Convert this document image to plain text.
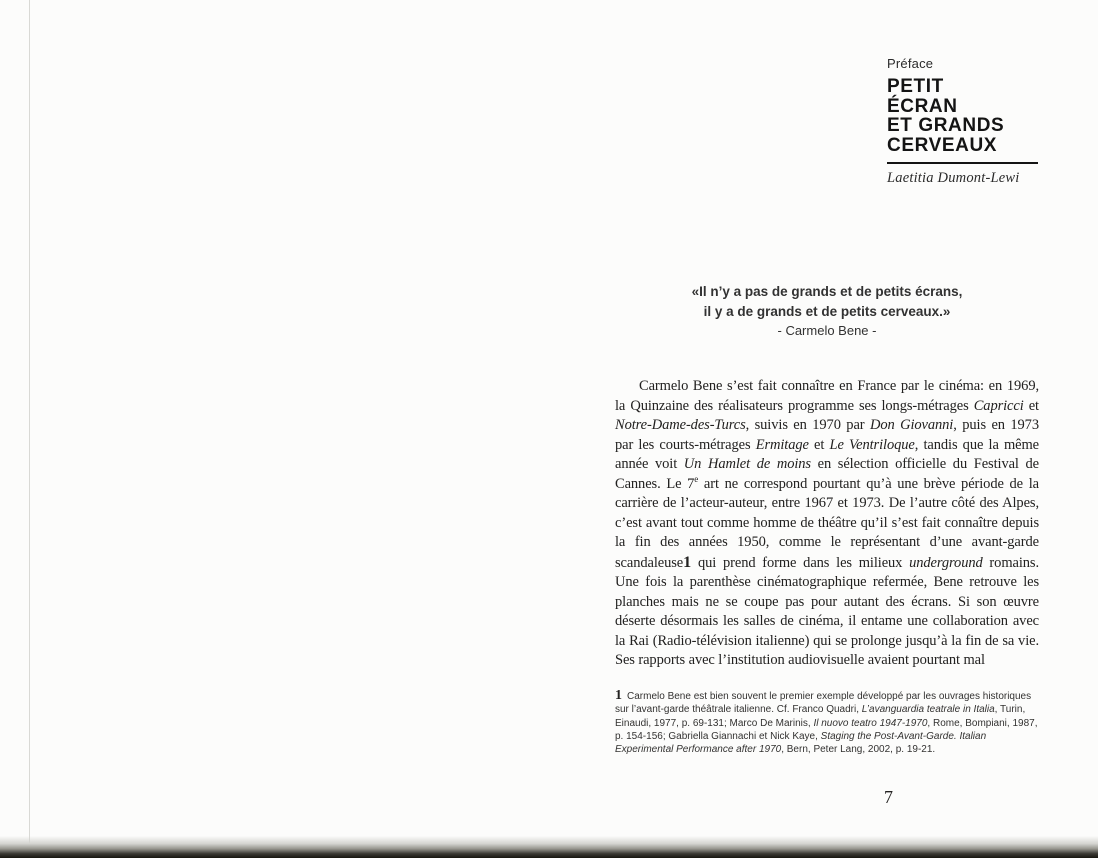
Préface
PETIT
ÉCRAN
ET GRANDS
CERVEAUX
Laetitia Dumont-Lewi

«Il n’y a pas de grands et de petits écrans,

il y a de grands et de petits cerveaux.»

- Carmelo Bene -

Carmelo Bene s’est fait connaître en France par le cinéma: en 1969, la Quinzaine des réalisateurs programme ses longs-métrages Capricci et Notre-Dame-des-Turcs, suivis en 1970 par Don Giovanni, puis en 1973 par les courts-métrages Ermitage et Le Ventriloque, tandis que la même année voit Un Hamlet de moins en sélection officielle du Festival de Cannes. Le 7e art ne correspond pourtant qu’à une brève période de la carrière de l’acteur-auteur, entre 1967 et 1973. De l’autre côté des Alpes, c’est avant tout comme homme de théâtre qu’il s’est fait connaître depuis la fin des années 1950, comme le représentant d’une avant-garde scandaleuse1 qui prend forme dans les milieux underground romains. Une fois la parenthèse cinématographique refermée, Bene retrouve les planches mais ne se coupe pas pour autant des écrans. Si son œuvre déserte désormais les salles de cinéma, il entame une collaboration avec la Rai (Radio-télévision italienne) qui se prolonge jusqu’à la fin de sa vie. Ses rapports avec l’institution audiovisuelle avaient pourtant mal
1 Carmelo Bene est bien souvent le premier exemple développé par les ouvrages historiques sur l’avant-garde théâtrale italienne. Cf. Franco Quadri, L’avanguardia teatrale in Italia, Turin, Einaudi, 1977, p. 69-131; Marco De Marinis, Il nuovo teatro 1947-1970, Rome, Bompiani, 1987, p. 154-156; Gabriella Giannachi et Nick Kaye, Staging the Post-Avant-Garde. Italian Experimental Performance after 1970, Bern, Peter Lang, 2002, p. 19-21.
7
